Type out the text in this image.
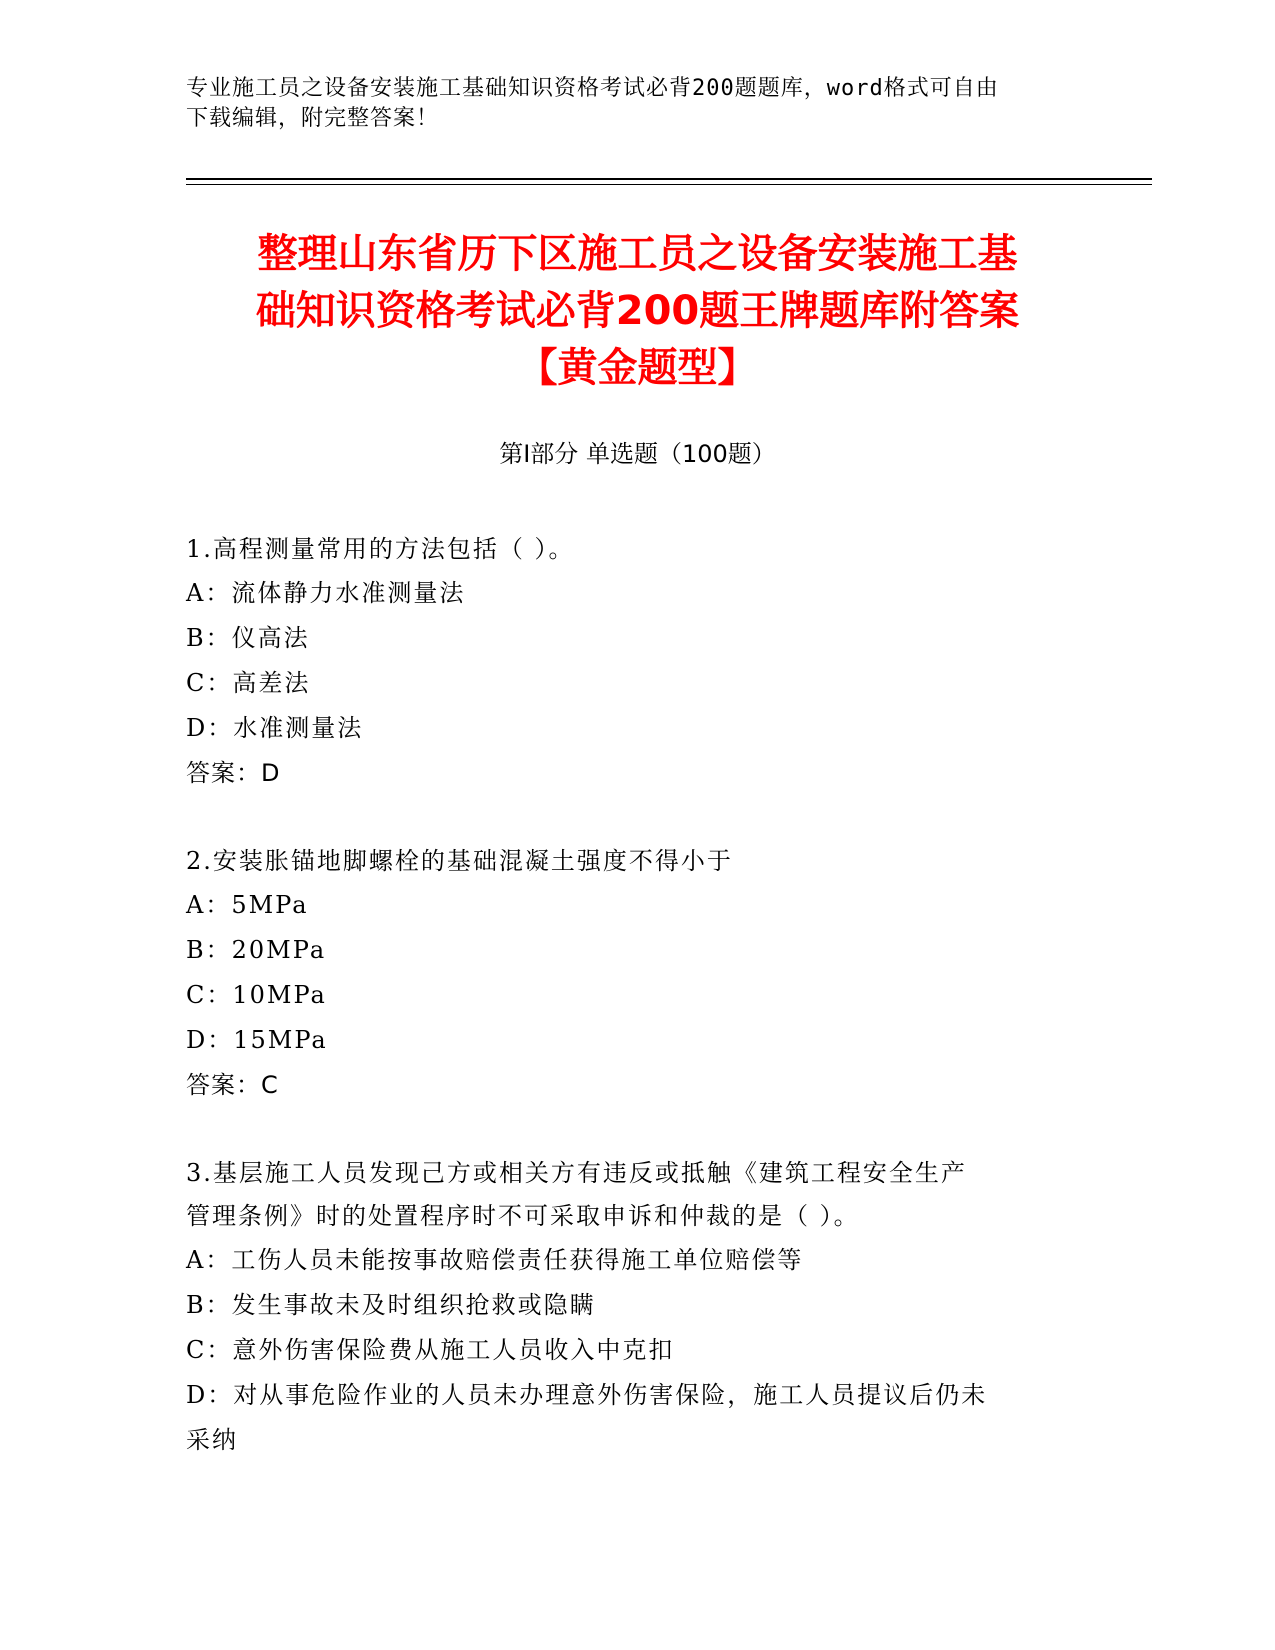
专业施工员之设备安装施工基础知识资格考试必背200题题库，word格式可自由
下载编辑，附完整答案！
整理山东省历下区施工员之设备安装施工基
础知识资格考试必背200题王牌题库附答案
【黄金题型】
第Ⅰ部分 单选题（100题）
1.高程测量常用的方法包括（ ）。
A：流体静力水准测量法
B：仪高法
C：高差法
D：水准测量法
答案：D
2.安装胀锚地脚螺栓的基础混凝土强度不得小于
A：5MPa
B：20MPa
C：10MPa
D：15MPa
答案：C
3.基层施工人员发现己方或相关方有违反或抵触《建筑工程安全生产
管理条例》时的处置程序时不可采取申诉和仲裁的是（ ）。
A：工伤人员未能按事故赔偿责任获得施工单位赔偿等
B：发生事故未及时组织抢救或隐瞒
C：意外伤害保险费从施工人员收入中克扣
D：对从事危险作业的人员未办理意外伤害保险，施工人员提议后仍未
采纳
